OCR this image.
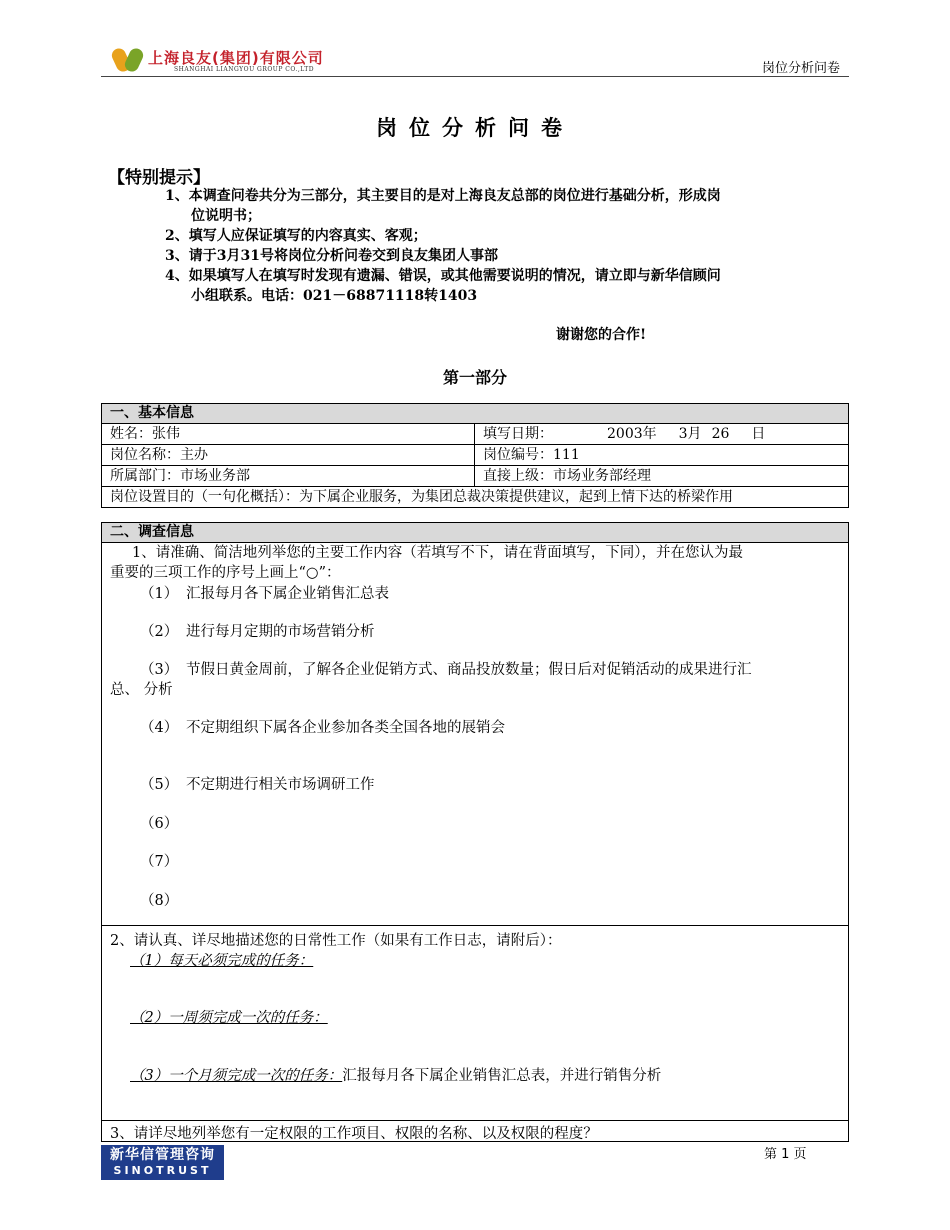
上海良友(集团)有限公司
SHANGHAI LIANGYOU GROUP CO.,LTD	岗位分析问卷
岗位分析问卷
【特别提示】
1、本调查问卷共分为三部分，其主要目的是对上海良友总部的岗位进行基础分析，形成岗
位说明书；
2、填写人应保证填写的内容真实、客观；
3、请于3月31号将岗位分析问卷交到良友集团人事部
4、如果填写人在填写时发现有遗漏、错误，或其他需要说明的情况，请立即与新华信顾问
小组联系。电话：021－68871118转1403
谢谢您的合作!
第一部分
一、基本信息
姓名：张伟	填写日期：	2003年 3月 26 日
岗位名称：主办	岗位编号：111
所属部门：市场业务部	直接上级：市场业务部经理
岗位设置目的（一句化概括）：为下属企业服务，为集团总裁决策提供建议，起到上情下达的桥梁作用
二、调查信息
1、请准确、简洁地列举您的主要工作内容（若填写不下，请在背面填写，下同），并在您认为最
重要的三项工作的序号上画上“○”：
（1） 汇报每月各下属企业销售汇总表
（2） 进行每月定期的市场营销分析
（3） 节假日黄金周前，了解各企业促销方式、商品投放数量；假日后对促销活动的成果进行汇
总、 分析
（4） 不定期组织下属各企业参加各类全国各地的展销会
（5） 不定期进行相关市场调研工作
（6）
（7）
（8）
2、请认真、详尽地描述您的日常性工作（如果有工作日志，请附后）：
（1）每天必须完成的任务：
（2）一周须完成一次的任务：
（3）一个月须完成一次的任务：汇报每月各下属企业销售汇总表，并进行销售分析
3、请详尽地列举您有一定权限的工作项目、权限的名称、以及权限的程度？
新华信管理咨询
SINOTRUST
第 1 页
